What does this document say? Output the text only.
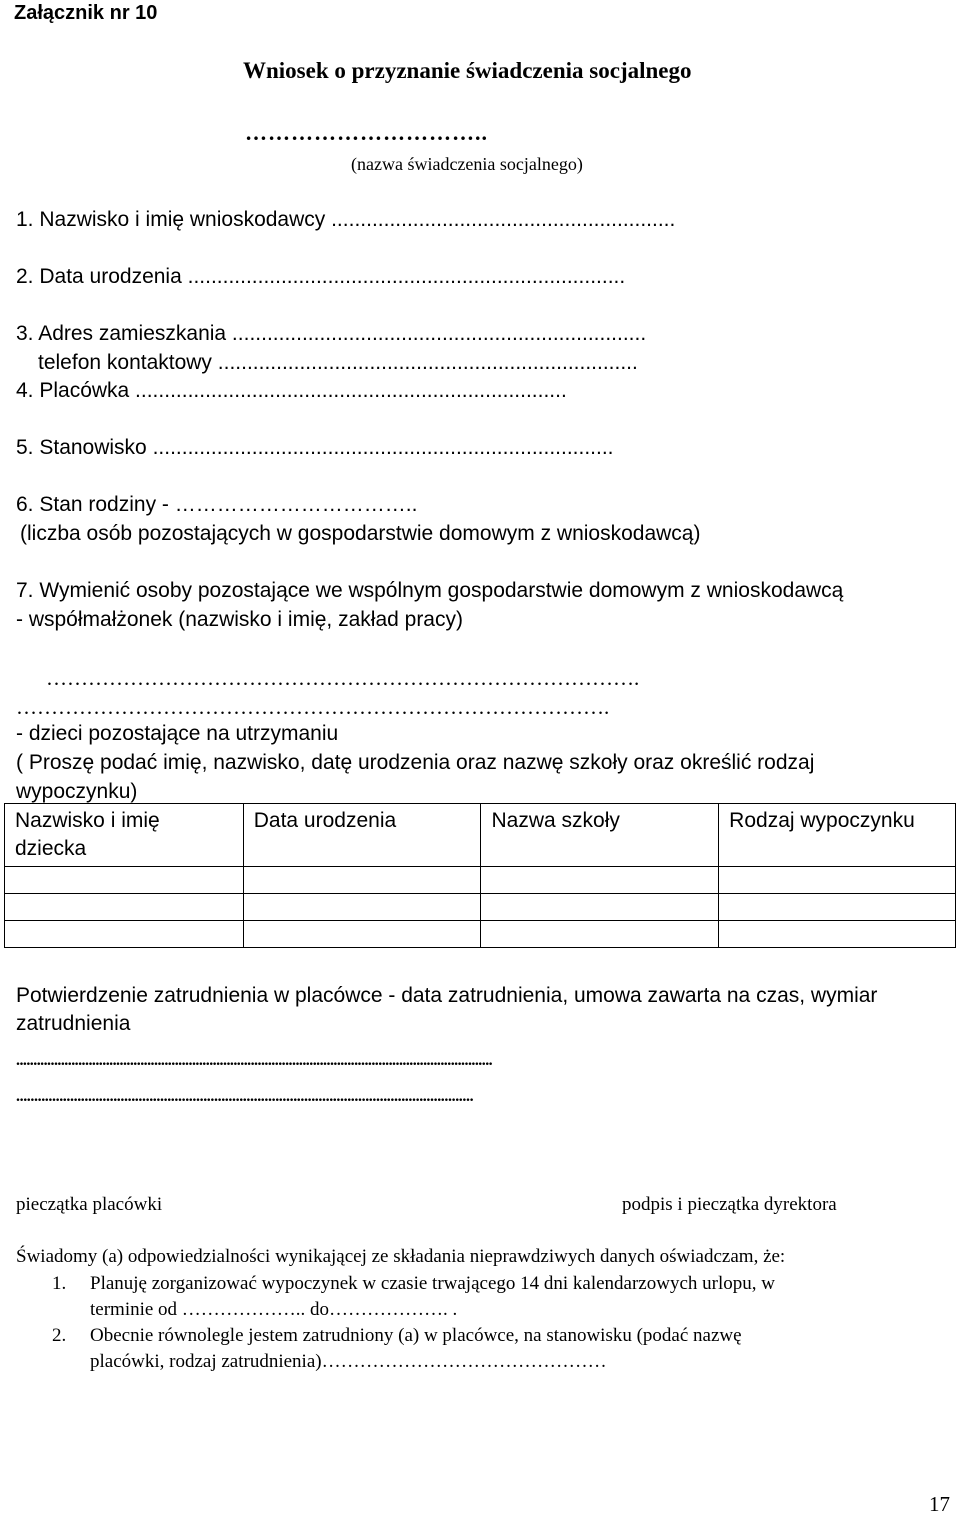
Załącznik nr 10
Wniosek o przyznanie świadczenia socjalnego
…………………………..
(nazwa świadczenia socjalnego)
1. Nazwisko i imię wnioskodawcy ...........................................................
2. Data urodzenia ...........................................................................
3. Adres zamieszkania .......................................................................
telefon kontaktowy ........................................................................
4. Placówka ..........................................................................
5. Stanowisko ...............................................................................
6. Stan rodziny - ……………………………..
(liczba osób pozostających w gospodarstwie domowym z wnioskodawcą)
7. Wymienić osoby pozostające we wspólnym gospodarstwie domowym z wnioskodawcą
- współmałżonek (nazwisko i imię, zakład pracy)
………………………………………………………………………….
………………………………………………………………………….
- dzieci pozostające na utrzymaniu
( Proszę podać imię, nazwisko, datę urodzenia oraz nazwę szkoły oraz określić rodzaj
wypoczynku)
Nazwisko i imię dziecka	Data urodzenia	Nazwa szkoły	Rodzaj wypoczynku

Potwierdzenie zatrudnienia w placówce - data zatrudnienia, umowa zawarta na czas, wymiar
zatrudnienia
..........................................................................................................................................
...............................................................................................................................
pieczątka placówki	podpis i pieczątka dyrektora
Świadomy (a) odpowiedzialności wynikającej ze składania nieprawdziwych danych oświadczam, że:
1. Planuję zorganizować wypoczynek w czasie trwającego 14 dni kalendarzowych urlopu, w
terminie od ……………….. do………………. .
2. Obecnie równolegle jestem zatrudniony (a) w placówce, na stanowisku (podać nazwę
placówki, rodzaj zatrudnienia)………………………………………
17
